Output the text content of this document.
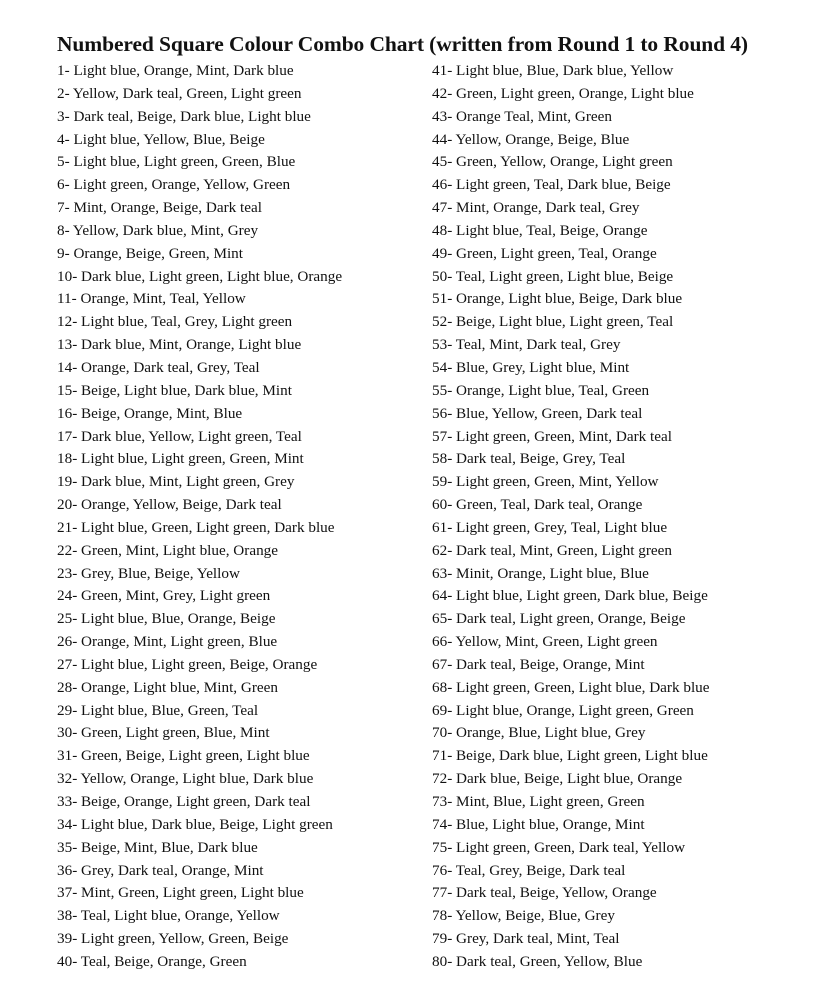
Numbered Square Colour Combo Chart (written from Round 1 to Round 4)
1- Light blue, Orange, Mint, Dark blue
2- Yellow, Dark teal, Green, Light green
3- Dark teal, Beige, Dark blue, Light blue
4- Light blue, Yellow, Blue, Beige
5- Light blue, Light green, Green, Blue
6- Light green, Orange, Yellow, Green
7- Mint, Orange, Beige, Dark teal
8- Yellow, Dark blue, Mint, Grey
9- Orange, Beige, Green, Mint
10- Dark blue, Light green, Light blue, Orange
11- Orange, Mint, Teal, Yellow
12- Light blue, Teal, Grey, Light green
13- Dark blue, Mint, Orange, Light blue
14- Orange, Dark teal, Grey, Teal
15- Beige, Light blue, Dark blue, Mint
16- Beige, Orange, Mint, Blue
17- Dark blue, Yellow, Light green, Teal
18- Light blue, Light green, Green, Mint
19- Dark blue, Mint, Light green, Grey
20- Orange, Yellow, Beige, Dark teal
21- Light blue, Green, Light green, Dark blue
22- Green, Mint, Light blue, Orange
23- Grey, Blue, Beige, Yellow
24- Green, Mint, Grey, Light green
25- Light blue, Blue, Orange, Beige
26- Orange, Mint, Light green, Blue
27- Light blue, Light green, Beige, Orange
28- Orange, Light blue, Mint, Green
29- Light blue, Blue, Green, Teal
30- Green, Light green, Blue, Mint
31- Green, Beige, Light green, Light blue
32- Yellow, Orange, Light blue, Dark blue
33- Beige, Orange, Light green, Dark teal
34- Light blue, Dark blue, Beige, Light green
35- Beige, Mint, Blue, Dark blue
36- Grey, Dark teal, Orange, Mint
37- Mint, Green, Light green, Light blue
38- Teal, Light blue, Orange, Yellow
39- Light green, Yellow, Green, Beige
40- Teal, Beige, Orange, Green
41- Light blue, Blue, Dark blue, Yellow
42- Green, Light green, Orange, Light blue
43- Orange Teal, Mint, Green
44- Yellow, Orange, Beige, Blue
45- Green, Yellow, Orange, Light green
46- Light green, Teal, Dark blue, Beige
47- Mint, Orange, Dark teal, Grey
48- Light blue, Teal, Beige, Orange
49- Green, Light green, Teal, Orange
50- Teal, Light green, Light blue, Beige
51- Orange, Light blue, Beige, Dark blue
52- Beige, Light blue, Light green, Teal
53- Teal, Mint, Dark teal, Grey
54- Blue, Grey, Light blue, Mint
55- Orange, Light blue, Teal, Green
56- Blue, Yellow, Green, Dark teal
57- Light green, Green, Mint, Dark teal
58- Dark teal, Beige, Grey, Teal
59- Light green, Green, Mint, Yellow
60- Green, Teal, Dark teal, Orange
61- Light green, Grey, Teal, Light blue
62- Dark teal, Mint, Green, Light green
63- Minit, Orange, Light blue, Blue
64- Light blue, Light green, Dark blue, Beige
65- Dark teal, Light green, Orange, Beige
66- Yellow, Mint, Green, Light green
67- Dark teal, Beige, Orange, Mint
68- Light green, Green, Light blue, Dark blue
69- Light blue, Orange, Light green, Green
70- Orange, Blue, Light blue, Grey
71- Beige, Dark blue, Light green, Light blue
72- Dark blue, Beige, Light blue, Orange
73- Mint, Blue, Light green, Green
74- Blue, Light blue, Orange, Mint
75- Light green, Green, Dark teal, Yellow
76- Teal, Grey, Beige, Dark teal
77- Dark teal, Beige, Yellow, Orange
78- Yellow, Beige, Blue, Grey
79- Grey, Dark teal, Mint, Teal
80- Dark teal, Green, Yellow, Blue
